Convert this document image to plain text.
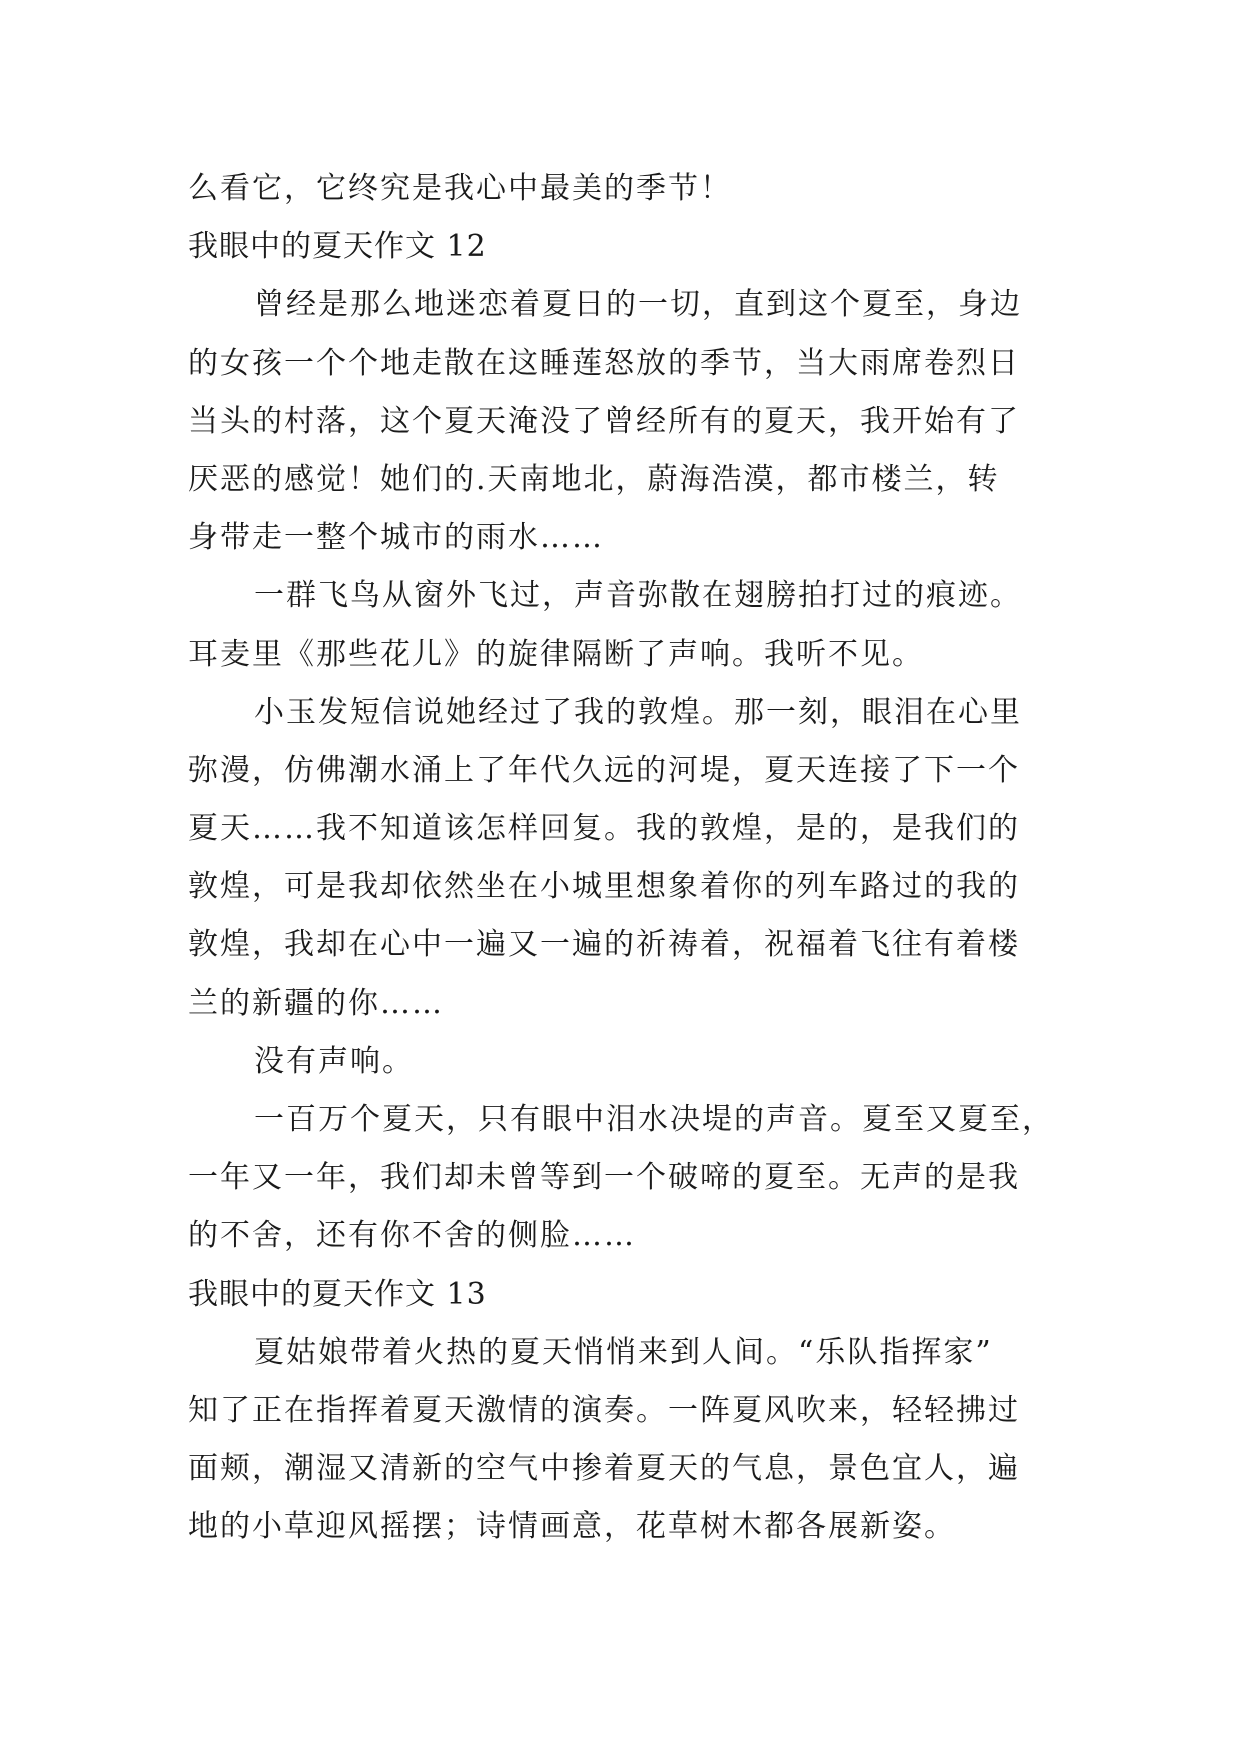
么看它，它终究是我心中最美的季节！
我眼中的夏天作文 12
曾经是那么地迷恋着夏日的一切，直到这个夏至，身边
的女孩一个个地走散在这睡莲怒放的季节，当大雨席卷烈日
当头的村落，这个夏天淹没了曾经所有的夏天，我开始有了
厌恶的感觉！她们的.天南地北，蔚海浩漠，都市楼兰，转
身带走一整个城市的雨水……
一群飞鸟从窗外飞过，声音弥散在翅膀拍打过的痕迹。
耳麦里《那些花儿》的旋律隔断了声响。我听不见。
小玉发短信说她经过了我的敦煌。那一刻，眼泪在心里
弥漫，仿佛潮水涌上了年代久远的河堤，夏天连接了下一个
夏天……我不知道该怎样回复。我的敦煌，是的，是我们的
敦煌，可是我却依然坐在小城里想象着你的列车路过的我的
敦煌，我却在心中一遍又一遍的祈祷着，祝福着飞往有着楼
兰的新疆的你……
没有声响。
一百万个夏天，只有眼中泪水决堤的声音。夏至又夏至，
一年又一年，我们却未曾等到一个破啼的夏至。无声的是我
的不舍，还有你不舍的侧脸……
我眼中的夏天作文 13
夏姑娘带着火热的夏天悄悄来到人间。“乐队指挥家”
知了正在指挥着夏天激情的演奏。一阵夏风吹来，轻轻拂过
面颊，潮湿又清新的空气中掺着夏天的气息，景色宜人，遍
地的小草迎风摇摆；诗情画意，花草树木都各展新姿。
